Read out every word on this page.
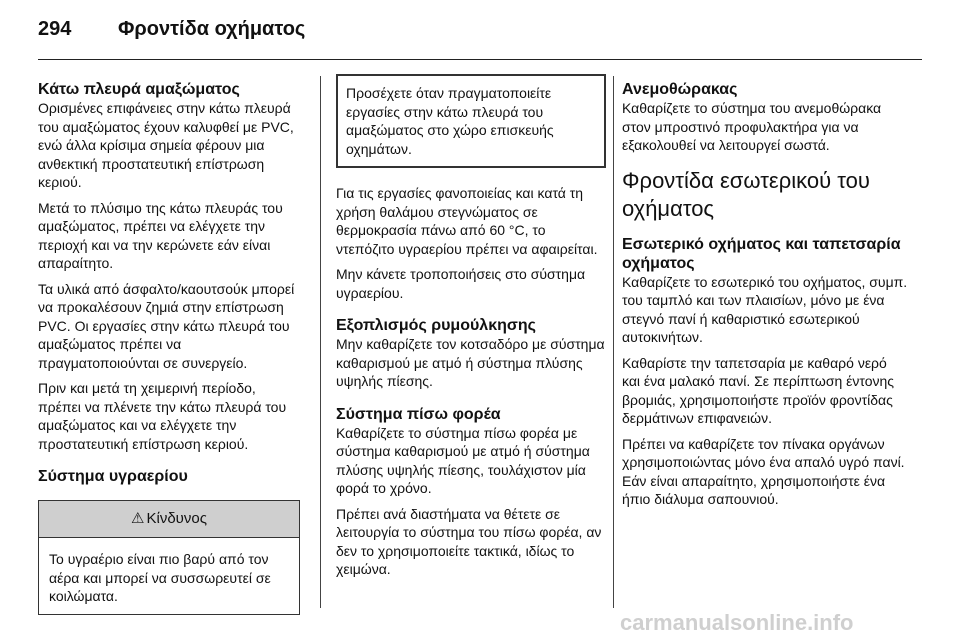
294 Φροντίδα οχήματος
Κάτω πλευρά αμαξώματος

Ορισμένες επιφάνειες στην κάτω πλευρά του αμαξώματος έχουν καλυφθεί με PVC, ενώ άλλα κρίσιμα σημεία φέρουν μια ανθεκτική προστατευτική επίστρωση κεριού.

Μετά το πλύσιμο της κάτω πλευράς του αμαξώματος, πρέπει να ελέγχετε την περιοχή και να την κερώνετε εάν είναι απαραίτητο.

Τα υλικά από άσφαλτο/καουτσούκ μπορεί να προκαλέσουν ζημιά στην επίστρωση PVC. Οι εργασίες στην κάτω πλευρά του αμαξώματος πρέπει να πραγματοποιούνται σε συνεργείο.

Πριν και μετά τη χειμερινή περίοδο, πρέπει να πλένετε την κάτω πλευρά του αμαξώματος και να ελέγχετε την προστατευτική επίστρωση κεριού.

Σύστημα υγραερίου
⚠ Κίνδυνος

Το υγραέριο είναι πιο βαρύ από τον αέρα και μπορεί να συσσωρευτεί σε κοιλώματα.

Προσέχετε όταν πραγματοποιείτε εργασίες στην κάτω πλευρά του αμαξώματος στο χώρο επισκευής οχημάτων.

Για τις εργασίες φανοποιείας και κατά τη χρήση θαλάμου στεγνώματος σε θερμοκρασία πάνω από 60 °C, το ντεπόζιτο υγραερίου πρέπει να αφαιρείται.

Μην κάνετε τροποποιήσεις στο σύστημα υγραερίου.

Εξοπλισμός ρυμούλκησης

Μην καθαρίζετε τον κοτσαδόρο με σύστημα καθαρισμού με ατμό ή σύστημα πλύσης υψηλής πίεσης.

Σύστημα πίσω φορέα

Καθαρίζετε το σύστημα πίσω φορέα με σύστημα καθαρισμού με ατμό ή σύστημα πλύσης υψηλής πίεσης, τουλάχιστον μία φορά το χρόνο.

Πρέπει ανά διαστήματα να θέτετε σε λειτουργία το σύστημα του πίσω φορέα, αν δεν το χρησιμοποιείτε τακτικά, ιδίως το χειμώνα.

Ανεμοθώρακας

Καθαρίζετε το σύστημα του ανεμοθώρακα στον μπροστινό προφυλακτήρα για να εξακολουθεί να λειτουργεί σωστά.

Φροντίδα εσωτερικού του οχήματος
Εσωτερικό οχήματος και ταπετσαρία οχήματος

Καθαρίζετε το εσωτερικό του οχήματος, συμπ. του ταμπλό και των πλαισίων, μόνο με ένα στεγνό πανί ή καθαριστικό εσωτερικού αυτοκινήτων.

Καθαρίστε την ταπετσαρία με καθαρό νερό και ένα μαλακό πανί. Σε περίπτωση έντονης βρομιάς, χρησιμοποιήστε προϊόν φροντίδας δερμάτινων επιφανειών.

Πρέπει να καθαρίζετε τον πίνακα οργάνων χρησιμοποιώντας μόνο ένα απαλό υγρό πανί. Εάν είναι απαραίτητο, χρησιμοποιήστε ένα ήπιο διάλυμα σαπουνιού.

carmanualsonline.info
